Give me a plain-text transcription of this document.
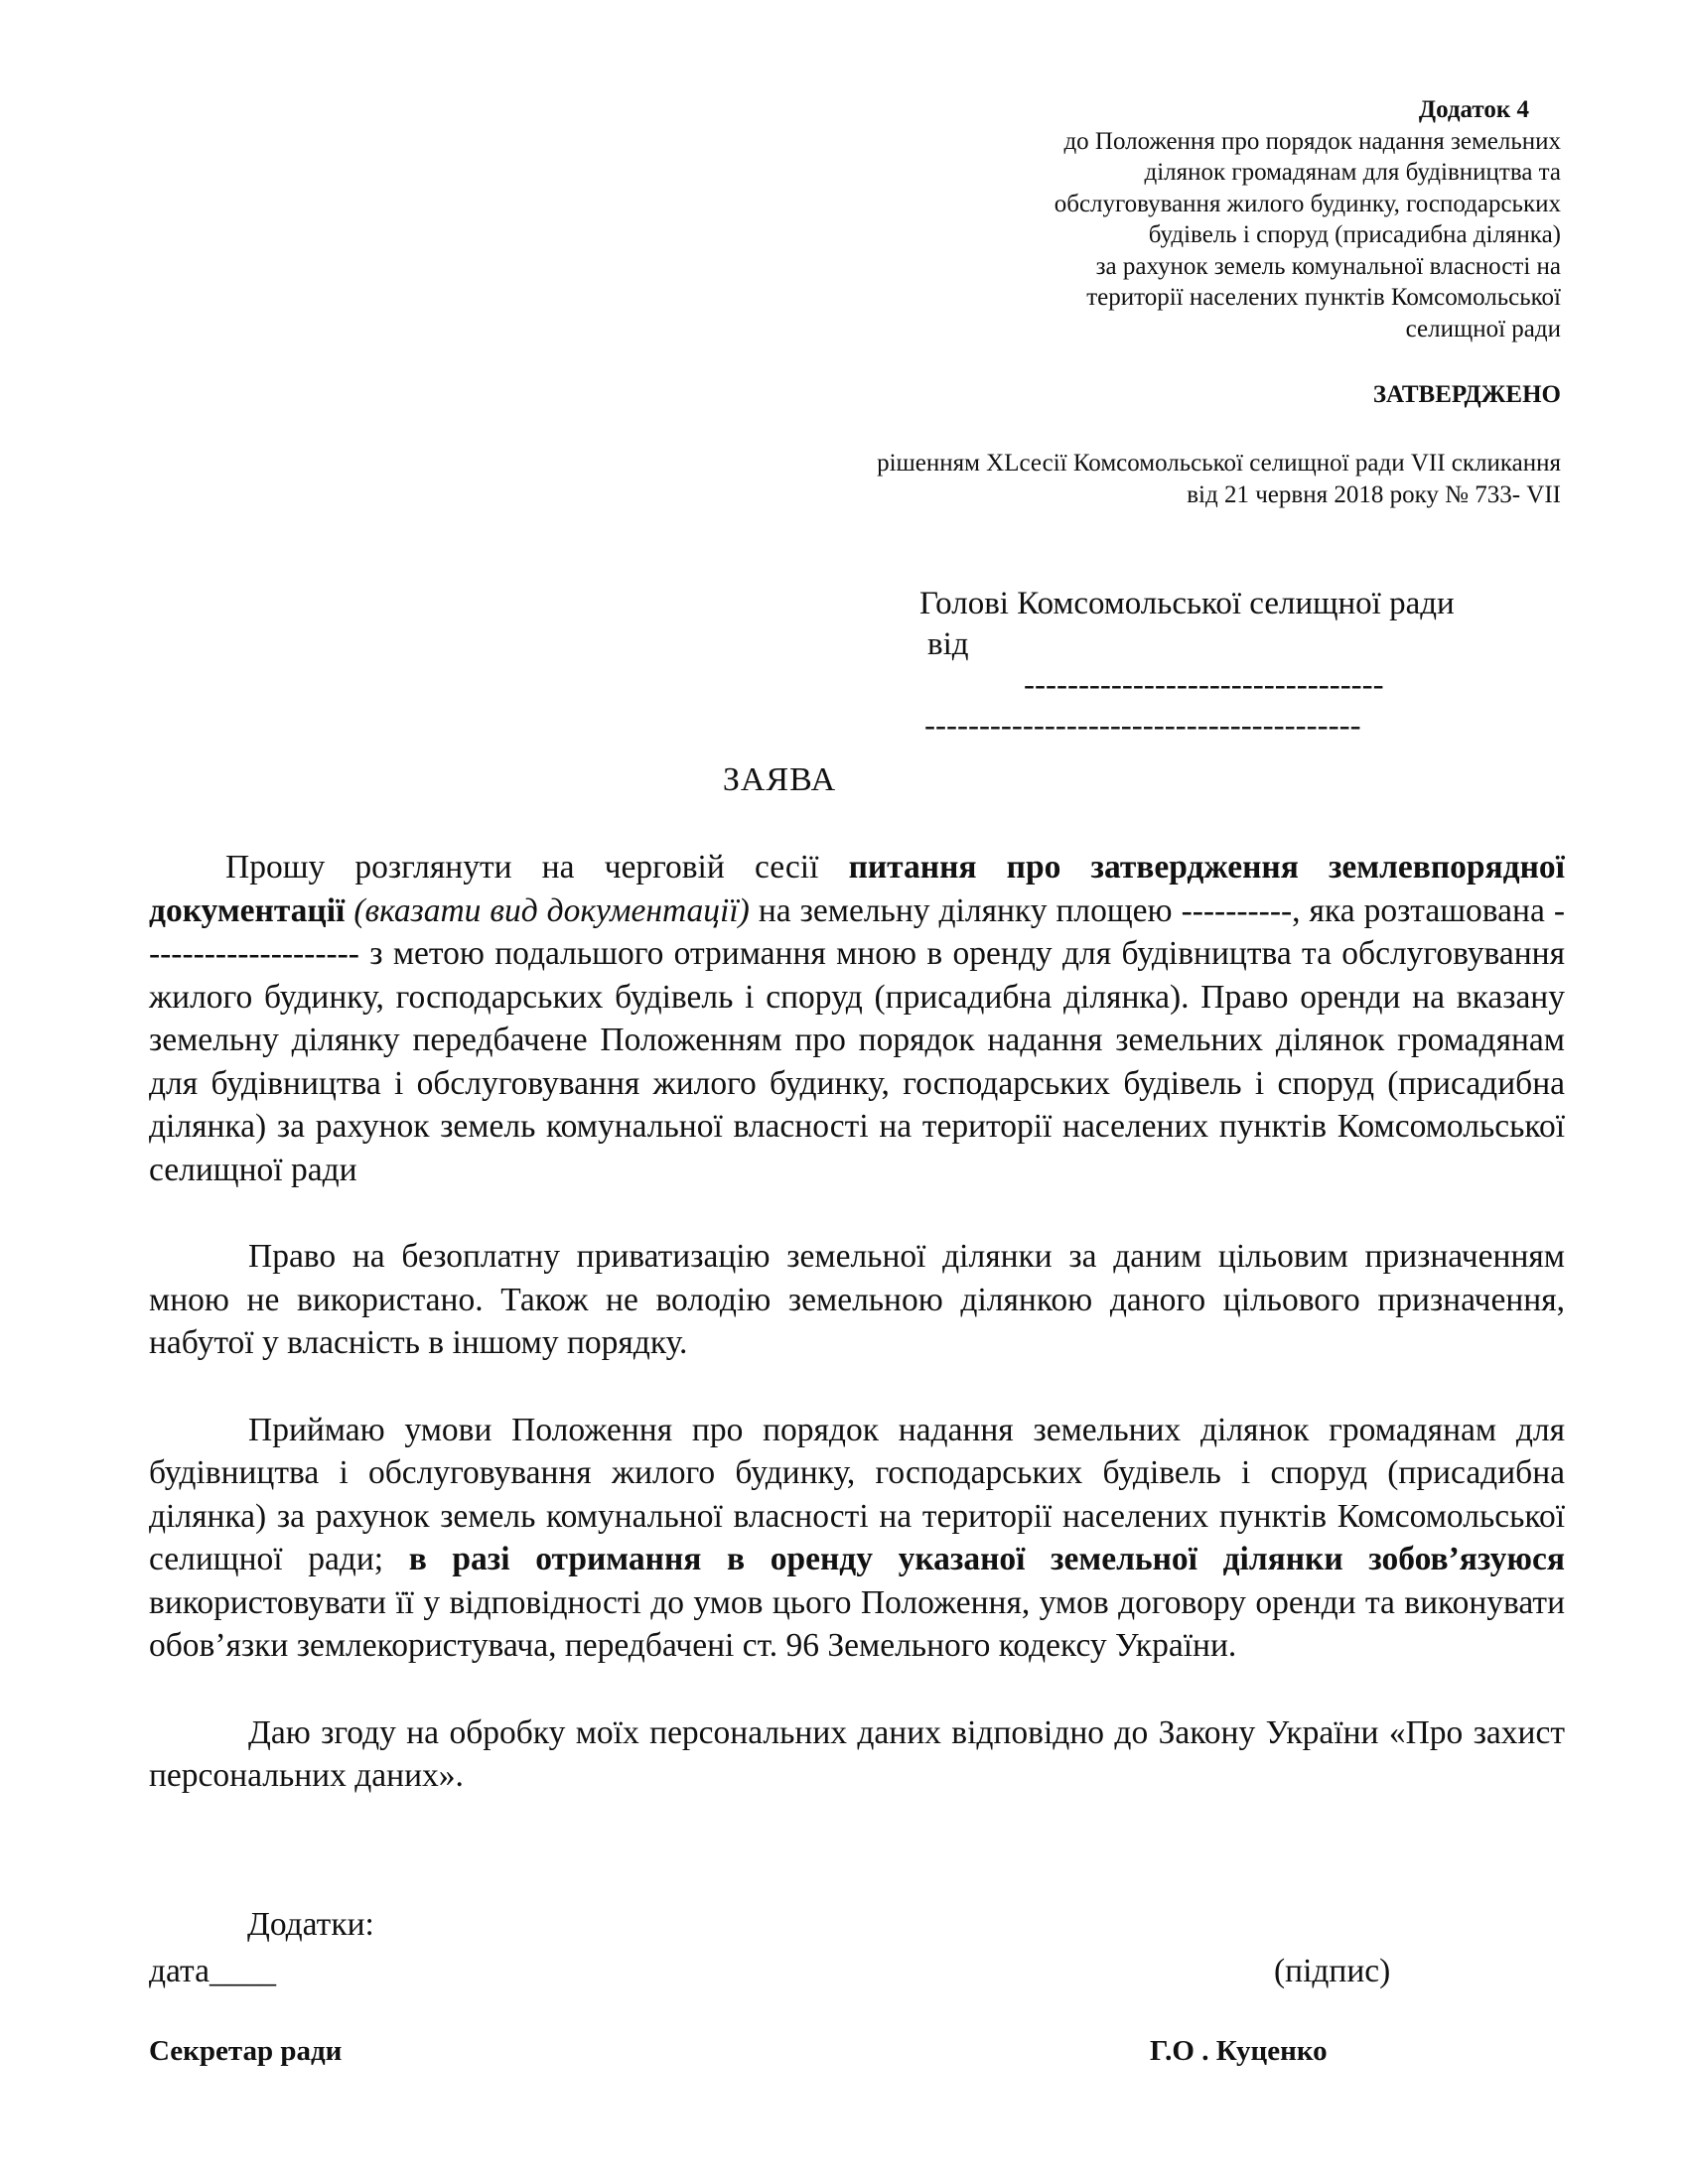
Додаток 4
до Положення про порядок надання земельних
ділянок громадянам для будівництва та
обслуговування жилого будинку, господарських
будівель і споруд (присадибна ділянка)
за рахунок земель комунальної власності на
території населених пунктів Комсомольської
селищної ради
ЗАТВЕРДЖЕНО
рішенням XLсесії Комсомольської селищної ради VII скликання
від 21 червня 2018 року № 733- VII
Голові Комсомольської селищної ради
від
---------------------------------
----------------------------------------
ЗАЯВА

Прошу розглянути на черговій сесії питання про затвердження землевпорядної документації (вказати вид документації) на земельну ділянку площею ----------, яка розташована -------------------- з метою подальшого отримання мною в оренду для будівництва та обслуговування жилого будинку, господарських будівель і споруд (присадибна ділянка). Право оренди на вказану земельну ділянку передбачене Положенням про порядок надання земельних ділянок громадянам для будівництва і обслуговування жилого будинку, господарських будівель і споруд (присадибна ділянка) за рахунок земель комунальної власності на території населених пунктів Комсомольської селищної ради

Право на безоплатну приватизацію земельної ділянки за даним цільовим призначенням мною не використано. Також не володію земельною ділянкою даного цільового призначення, набутої у власність в іншому порядку.

Приймаю умови Положення про порядок надання земельних ділянок громадянам для будівництва і обслуговування жилого будинку, господарських будівель і споруд (присадибна ділянка) за рахунок земель комунальної власності на території населених пунктів Комсомольської селищної ради; в разі отримання в оренду указаної земельної ділянки зобов’язуюся використовувати її у відповідності до умов цього Положення, умов договору оренди та виконувати обов’язки землекористувача, передбачені ст. 96 Земельного кодексу України.

Даю згоду на обробку моїх персональних даних відповідно до Закону України «Про захист персональних даних».

Додатки:
дата____	(підпис)
Секретар ради	Г.О . Куценко
